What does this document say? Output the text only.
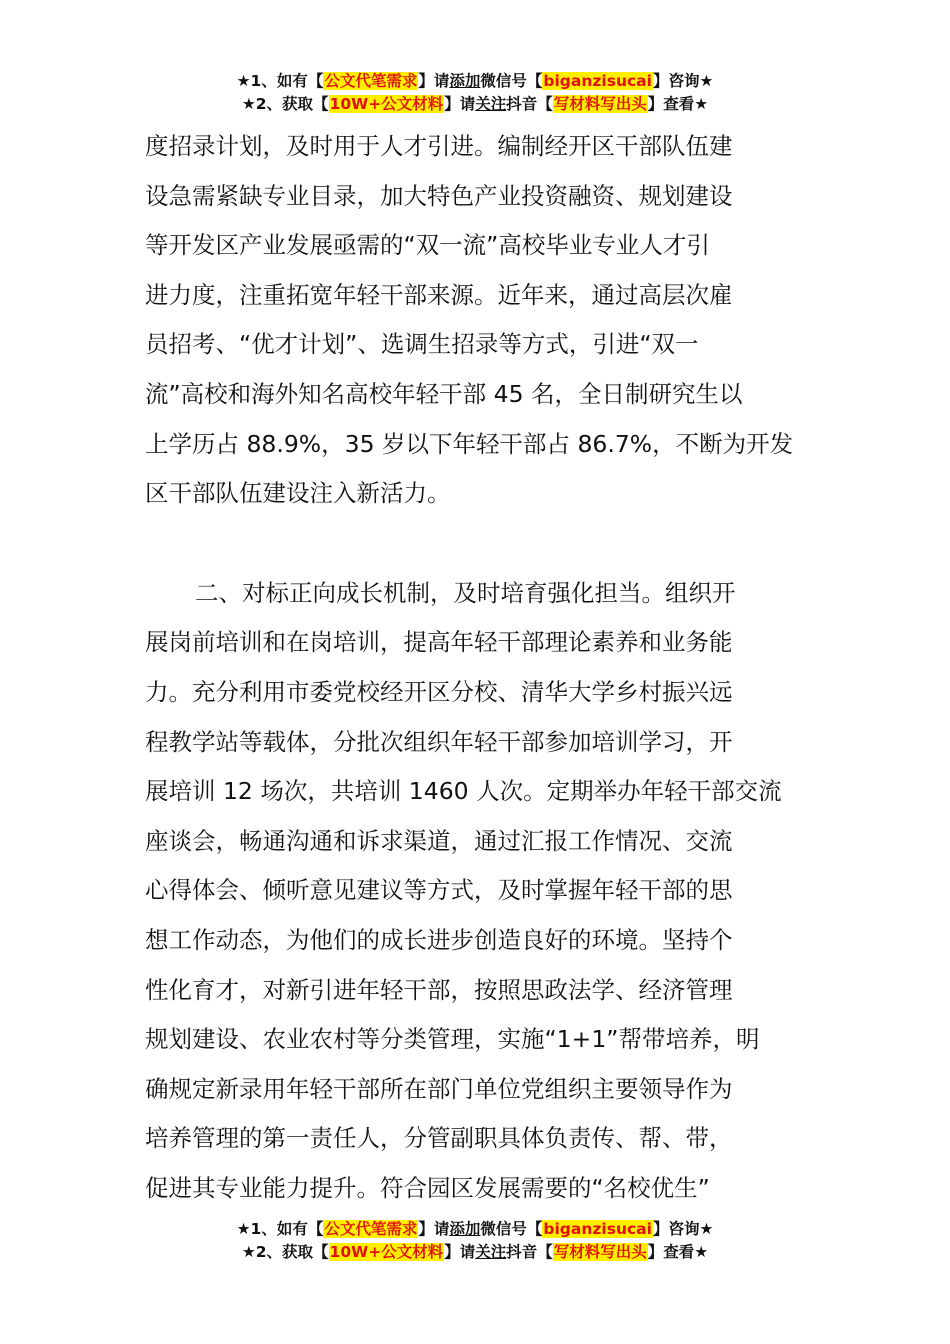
★1、如有【公文代笔需求】请添加微信号【biganzisucai】咨询★
★2、获取【10W+公文材料】请关注抖音【写材料写出头】查看★
度招录计划，及时用于人才引进。编制经开区干部队伍建
设急需紧缺专业目录，加大特色产业投资融资、规划建设
等开发区产业发展亟需的“双一流”高校毕业专业人才引
进力度，注重拓宽年轻干部来源。近年来，通过高层次雇
员招考、“优才计划”、选调生招录等方式，引进“双一
流”高校和海外知名高校年轻干部 45 名，全日制研究生以
上学历占 88.9%，35 岁以下年轻干部占 86.7%，不断为开发
区干部队伍建设注入新活力。
二、对标正向成长机制，及时培育强化担当。组织开
展岗前培训和在岗培训，提高年轻干部理论素养和业务能
力。充分利用市委党校经开区分校、清华大学乡村振兴远
程教学站等载体，分批次组织年轻干部参加培训学习，开
展培训 12 场次，共培训 1460 人次。定期举办年轻干部交流
座谈会，畅通沟通和诉求渠道，通过汇报工作情况、交流
心得体会、倾听意见建议等方式，及时掌握年轻干部的思
想工作动态，为他们的成长进步创造良好的环境。坚持个
性化育才，对新引进年轻干部，按照思政法学、经济管理
规划建设、农业农村等分类管理，实施“1+1”帮带培养，明
确规定新录用年轻干部所在部门单位党组织主要领导作为
培养管理的第一责任人，分管副职具体负责传、帮、带，
促进其专业能力提升。符合园区发展需要的“名校优生”
★1、如有【公文代笔需求】请添加微信号【biganzisucai】咨询★
★2、获取【10W+公文材料】请关注抖音【写材料写出头】查看★
